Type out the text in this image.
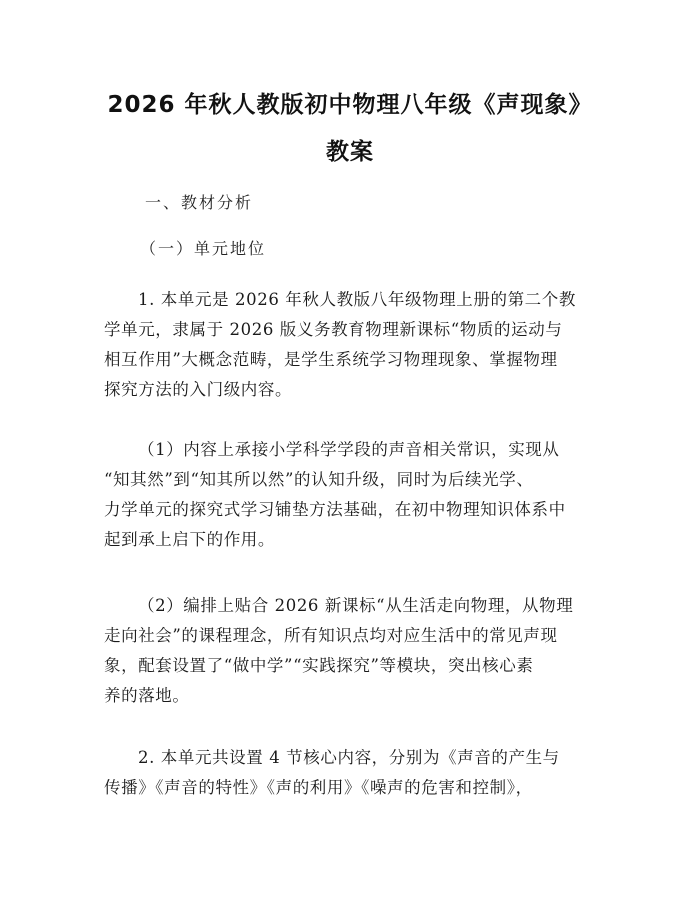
2026 年秋人教版初中物理八年级《声现象》
教案
一、教材分析
（一）单元地位
1. 本单元是 2026 年秋人教版八年级物理上册的第二个教
学单元，隶属于 2026 版义务教育物理新课标“物质的运动与
相互作用”大概念范畴，是学生系统学习物理现象、掌握物理
探究方法的入门级内容。
（1）内容上承接小学科学学段的声音相关常识，实现从
“知其然”到“知其所以然”的认知升级，同时为后续光学、
力学单元的探究式学习铺垫方法基础，在初中物理知识体系中
起到承上启下的作用。
（2）编排上贴合 2026 新课标“从生活走向物理，从物理
走向社会”的课程理念，所有知识点均对应生活中的常见声现
象，配套设置了“做中学”“实践探究”等模块，突出核心素
养的落地。
2. 本单元共设置 4 节核心内容，分别为《声音的产生与
传播》《声音的特性》《声的利用》《噪声的危害和控制》，
